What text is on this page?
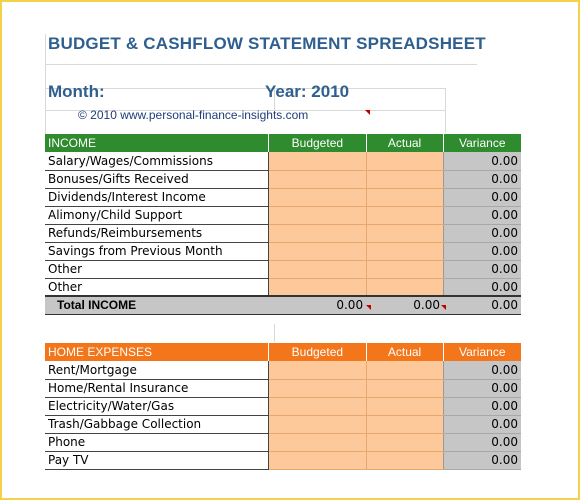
BUDGET & CASHFLOW STATEMENT SPREADSHEET
Month:	Year: 2010
© 2010 www.personal-finance-insights.com
INCOME	Budgeted	Actual	Variance
Salary/Wages/Commissions			0.00
Bonuses/Gifts Received			0.00
Dividends/Interest Income			0.00
Alimony/Child Support			0.00
Refunds/Reimbursements			0.00
Savings from Previous Month			0.00
Other			0.00
Other			0.00
Total INCOME	0.00	0.00	0.00
HOME EXPENSES	Budgeted	Actual	Variance
Rent/Mortgage			0.00
Home/Rental Insurance			0.00
Electricity/Water/Gas			0.00
Trash/Gabbage Collection			0.00
Phone			0.00
Pay TV			0.00
